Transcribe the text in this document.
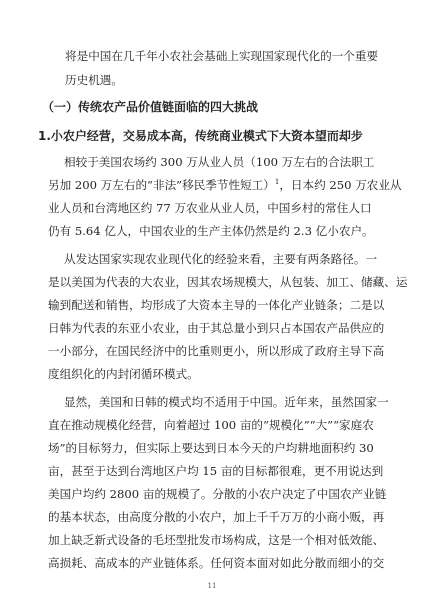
将是中国在几千年小农社会基础上实现国家现代化的一个重要
历史机遇。
（一）传统农产品价值链面临的四大挑战
1.小农户经营，交易成本高，传统商业模式下大资本望而却步
相较于美国农场约 300 万从业人员（100 万左右的合法职工
另加 200 万左右的“非法”移民季节性短工）$^1$，日本约 250 万农业从
业人员和台湾地区约 77 万农业从业人员，中国乡村的常住人口
仍有 5.64 亿人，中国农业的生产主体仍然是约 2.3 亿小农户。
从发达国家实现农业现代化的经验来看，主要有两条路径。一
是以美国为代表的大农业，因其农场规模大，从包装、加工、储藏、运
输到配送和销售，均形成了大资本主导的一体化产业链条；二是以
日韩为代表的东亚小农业，由于其总量小到只占本国农产品供应的
一小部分，在国民经济中的比重则更小，所以形成了政府主导下高
度组织化的内封闭循环模式。
显然，美国和日韩的模式均不适用于中国。近年来，虽然国家一
直在推动规模化经营，向着超过 100 亩的“规模化”“大”“家庭农
场”的目标努力，但实际上要达到日本今天的户均耕地面积约 30
亩，甚至于达到台湾地区户均 15 亩的目标都很难，更不用说达到
美国户均约 2800 亩的规模了。分散的小农户决定了中国农产业链
的基本状态，由高度分散的小农户，加上千千万万的小商小贩，再
加上缺乏新式设备的毛坯型批发市场构成，这是一个相对低效能、
高损耗、高成本的产业链体系。任何资本面对如此分散而细小的交
11
